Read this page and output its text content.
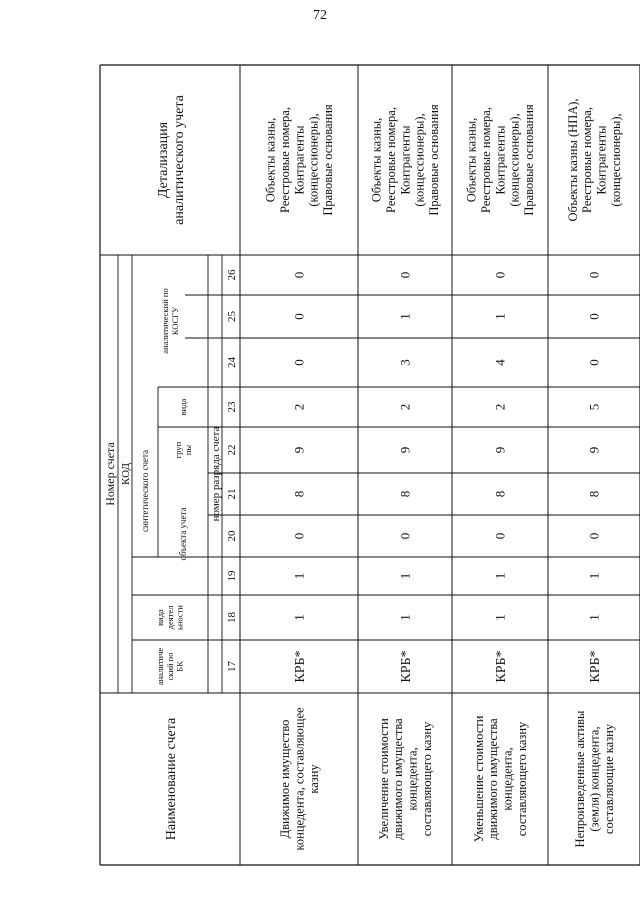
72
Номер счета КОД
аналитический поБК
видадеятельности
синтетического счета
объекта учета
группы
вида
аналитический поКОСГУ
номер разряда счета
17
18
19
20
21
22
23
24
25
26
Наименование счета
Детализацияаналитического учета
Движимое имуществоконцедента, составляющееказну
КРБ*
1
1
0
8
9
2
0
0
0
Объекты казны,Реестровые номера,Контрагенты(концессионеры),Правовые основания
Увеличение стоимостидвижимого имуществаконцедента,составляющего казну
КРБ*
1
1
0
8
9
2
3
1
0
Объекты казны,Реестровые номера,Контрагенты(концессионеры),Правовые основания
Уменьшение стоимостидвижимого имуществаконцедента,составляющего казну
КРБ*
1
1
0
8
9
2
4
1
0
Объекты казны,Реестровые номера,Контрагенты(концессионеры),Правовые основания
Непроизведенные активы(земля) концедента,составляющие казну
КРБ*
1
1
0
8
9
5
0
0
0
Объекты казны (НПА),Реестровые номера,Контрагенты(концессионеры),
